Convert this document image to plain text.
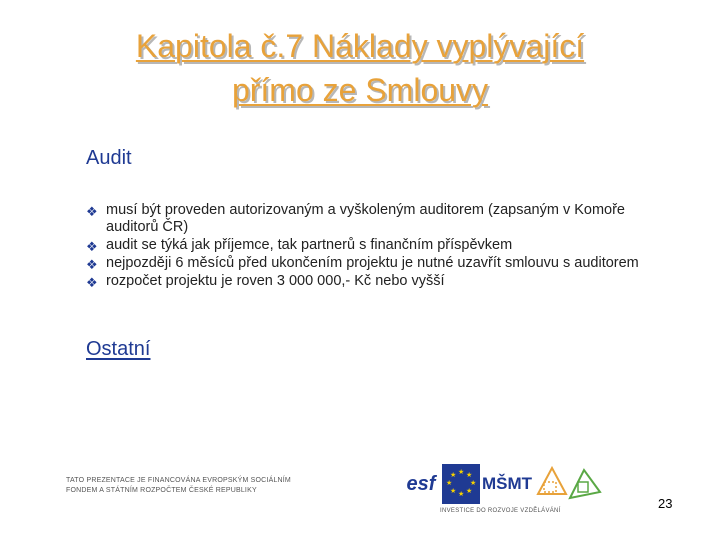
Kapitola č.7 Náklady vyplývající
přímo ze Smlouvy
Audit
❖ musí být proveden autorizovaným a vyškoleným auditorem (zapsaným v Komoře auditorů ČR)
❖ audit se týká jak příjemce, tak partnerů s finančním příspěvkem
❖ nejpozději 6 měsíců před ukončením projektu je nutné uzavřít smlouvu s auditorem
❖ rozpočet projektu je roven 3 000 000,- Kč nebo vyšší
Ostatní
TATO PREZENTACE JE FINANCOVÁNA EVROPSKÝM SOCIÁLNÍM
FONDEM A STÁTNÍM ROZPOČTEM ČESKÉ REPUBLIKY	esf	★ ★
★
★
★
★
★
★ MŠMT
INVESTICE DO ROZVOJE VZDĚLÁVÁNÍ	23
